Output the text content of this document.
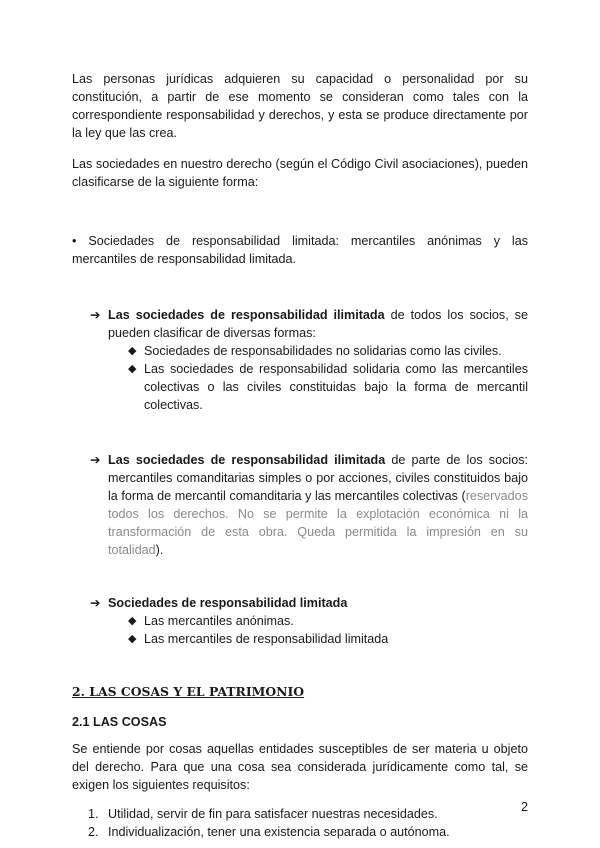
Las personas jurídicas adquieren su capacidad o personalidad por su constitución, a partir de ese momento se consideran como tales con la correspondiente responsabilidad y derechos, y esta se produce directamente por la ley que las crea.

Las sociedades en nuestro derecho (según el Código Civil asociaciones), pueden clasificarse de la siguiente forma:

• Sociedades de responsabilidad limitada: mercantiles anónimas y las mercantiles de responsabilidad limitada.

➔ Las sociedades de responsabilidad ilimitada de todos los socios, se pueden clasificar de diversas formas:

◆ Sociedades de responsabilidades no solidarias como las civiles.
◆ Las sociedades de responsabilidad solidaria como las mercantiles colectivas o las civiles constituidas bajo la forma de mercantil colectivas.
➔ Las sociedades de responsabilidad ilimitada de parte de los socios: mercantiles comanditarias simples o por acciones, civiles constituidos bajo la forma de mercantil comanditaria y las mercantiles colectivas (reservados todos los derechos. No se permite la explotación económica ni la transformación de esta obra. Queda permitida la impresión en su totalidad).

➔ Sociedades de responsabilidad limitada

◆ Las mercantiles anónimas.
◆ Las mercantiles de responsabilidad limitada

2. LAS COSAS Y EL PATRIMONIO

2.1 LAS COSAS

Se entiende por cosas aquellas entidades susceptibles de ser materia u objeto del derecho. Para que una cosa sea considerada jurídicamente como tal, se exigen los siguientes requisitos:

1. Utilidad, servir de fin para satisfacer nuestras necesidades.
2. Individualización, tener una existencia separada o autónoma.
2
